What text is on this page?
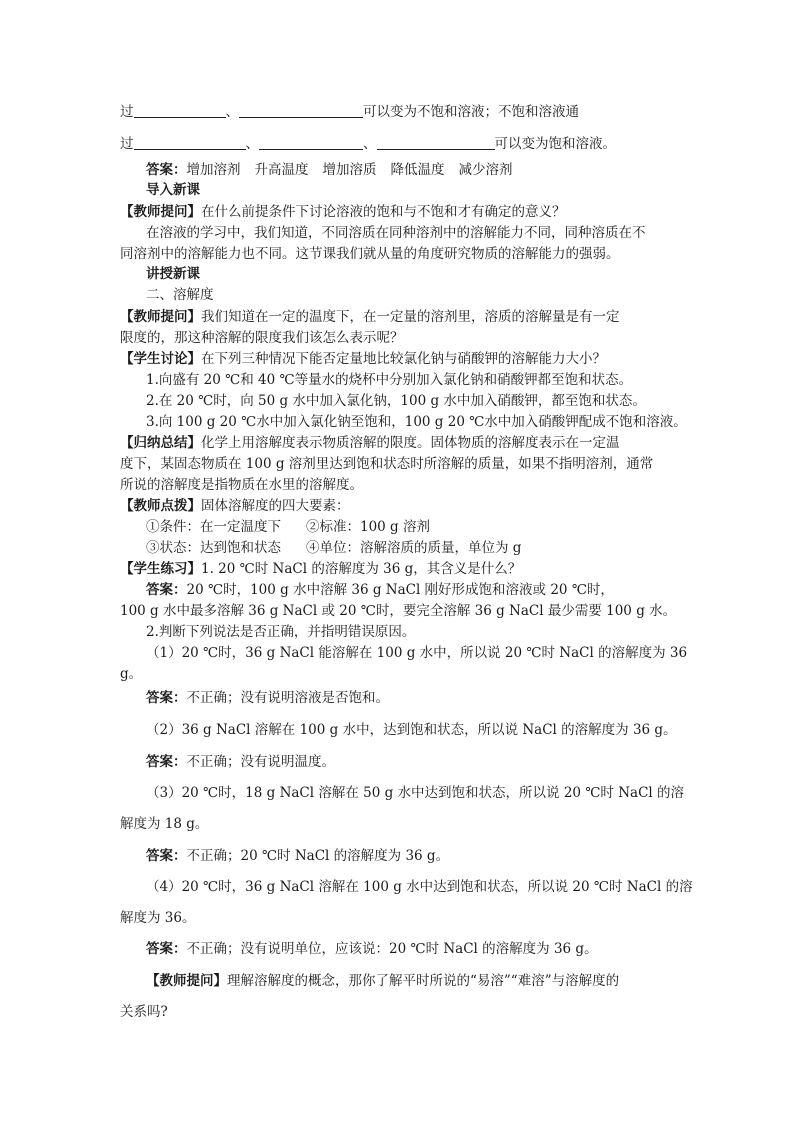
过	、	可以变为不饱和溶液；不饱和溶液通
过	、	、	可以变为饱和溶液。
答案：增加溶剂 升高温度 增加溶质 降低温度 减少溶剂
导入新课
【教师提问】在什么前提条件下讨论溶液的饱和与不饱和才有确定的意义？
在溶液的学习中，我们知道，不同溶质在同种溶剂中的溶解能力不同，同种溶质在不
同溶剂中的溶解能力也不同。这节课我们就从量的角度研究物质的溶解能力的强弱。
讲授新课
二、溶解度
【教师提问】我们知道在一定的温度下，在一定量的溶剂里，溶质的溶解量是有一定
限度的，那这种溶解的限度我们该怎么表示呢？
【学生讨论】在下列三种情况下能否定量地比较氯化钠与硝酸钾的溶解能力大小？
1.向盛有 20 ℃和 40 ℃等量水的烧杯中分别加入氯化钠和硝酸钾都至饱和状态。
2.在 20 ℃时，向 50 g 水中加入氯化钠，100 g 水中加入硝酸钾，都至饱和状态。
3.向 100 g 20 ℃水中加入氯化钠至饱和，100 g 20 ℃水中加入硝酸钾配成不饱和溶液。
【归纳总结】化学上用溶解度表示物质溶解的限度。固体物质的溶解度表示在一定温
度下，某固态物质在 100 g 溶剂里达到饱和状态时所溶解的质量，如果不指明溶剂，通常
所说的溶解度是指物质在水里的溶解度。
【教师点拨】固体溶解度的四大要素：
①条件：在一定温度下 ②标准：100 g 溶剂
③状态：达到饱和状态 ④单位：溶解溶质的质量，单位为 g
【学生练习】1. 20 ℃时 NaCl 的溶解度为 36 g，其含义是什么？
答案：20 ℃时，100 g 水中溶解 36 g NaCl 刚好形成饱和溶液或 20 ℃时，
100 g 水中最多溶解 36 g NaCl 或 20 ℃时，要完全溶解 36 g NaCl 最少需要 100 g 水。
2.判断下列说法是否正确，并指明错误原因。
（1）20 ℃时，36 g NaCl 能溶解在 100 g 水中，所以说 20 ℃时 NaCl 的溶解度为 36
g。
答案：不正确；没有说明溶液是否饱和。
（2）36 g NaCl 溶解在 100 g 水中，达到饱和状态，所以说 NaCl 的溶解度为 36 g。
答案：不正确；没有说明温度。
（3）20 ℃时，18 g NaCl 溶解在 50 g 水中达到饱和状态，所以说 20 ℃时 NaCl 的溶
解度为 18 g。
答案：不正确；20 ℃时 NaCl 的溶解度为 36 g。
（4）20 ℃时，36 g NaCl 溶解在 100 g 水中达到饱和状态，所以说 20 ℃时 NaCl 的溶
解度为 36。
答案：不正确；没有说明单位，应该说：20 ℃时 NaCl 的溶解度为 36 g。
【教师提问】理解溶解度的概念，那你了解平时所说的“易溶”“难溶”与溶解度的
关系吗?
